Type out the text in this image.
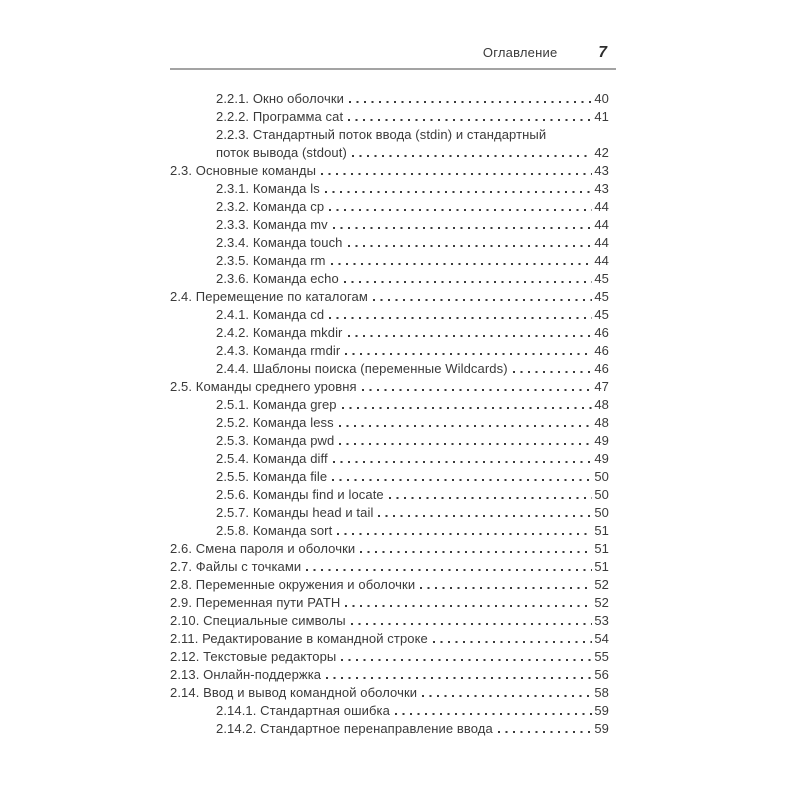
Оглавление	7
2.2.1. Окно оболочки	40
2.2.2. Программа cat	41
2.2.3. Стандартный поток ввода (stdin) и стандартный
поток вывода (stdout)	42
2.3. Основные команды	43
2.3.1. Команда ls	43
2.3.2. Команда cp	44
2.3.3. Команда mv	44
2.3.4. Команда touch	44
2.3.5. Команда rm	44
2.3.6. Команда echo	45
2.4. Перемещение по каталогам	45
2.4.1. Команда cd	45
2.4.2. Команда mkdir	46
2.4.3. Команда rmdir	46
2.4.4. Шаблоны поиска (переменные Wildcards)	46
2.5. Команды среднего уровня	47
2.5.1. Команда grep	48
2.5.2. Команда less	48
2.5.3. Команда pwd	49
2.5.4. Команда diff	49
2.5.5. Команда file	50
2.5.6. Команды find и locate	50
2.5.7. Команды head и tail	50
2.5.8. Команда sort	51
2.6. Смена пароля и оболочки	51
2.7. Файлы с точками	51
2.8. Переменные окружения и оболочки	52
2.9. Переменная пути PATH	52
2.10. Специальные символы	53
2.11. Редактирование в командной строке	54
2.12. Текстовые редакторы	55
2.13. Онлайн-поддержка	56
2.14. Ввод и вывод командной оболочки	58
2.14.1. Стандартная ошибка	59
2.14.2. Стандартное перенаправление ввода	59
